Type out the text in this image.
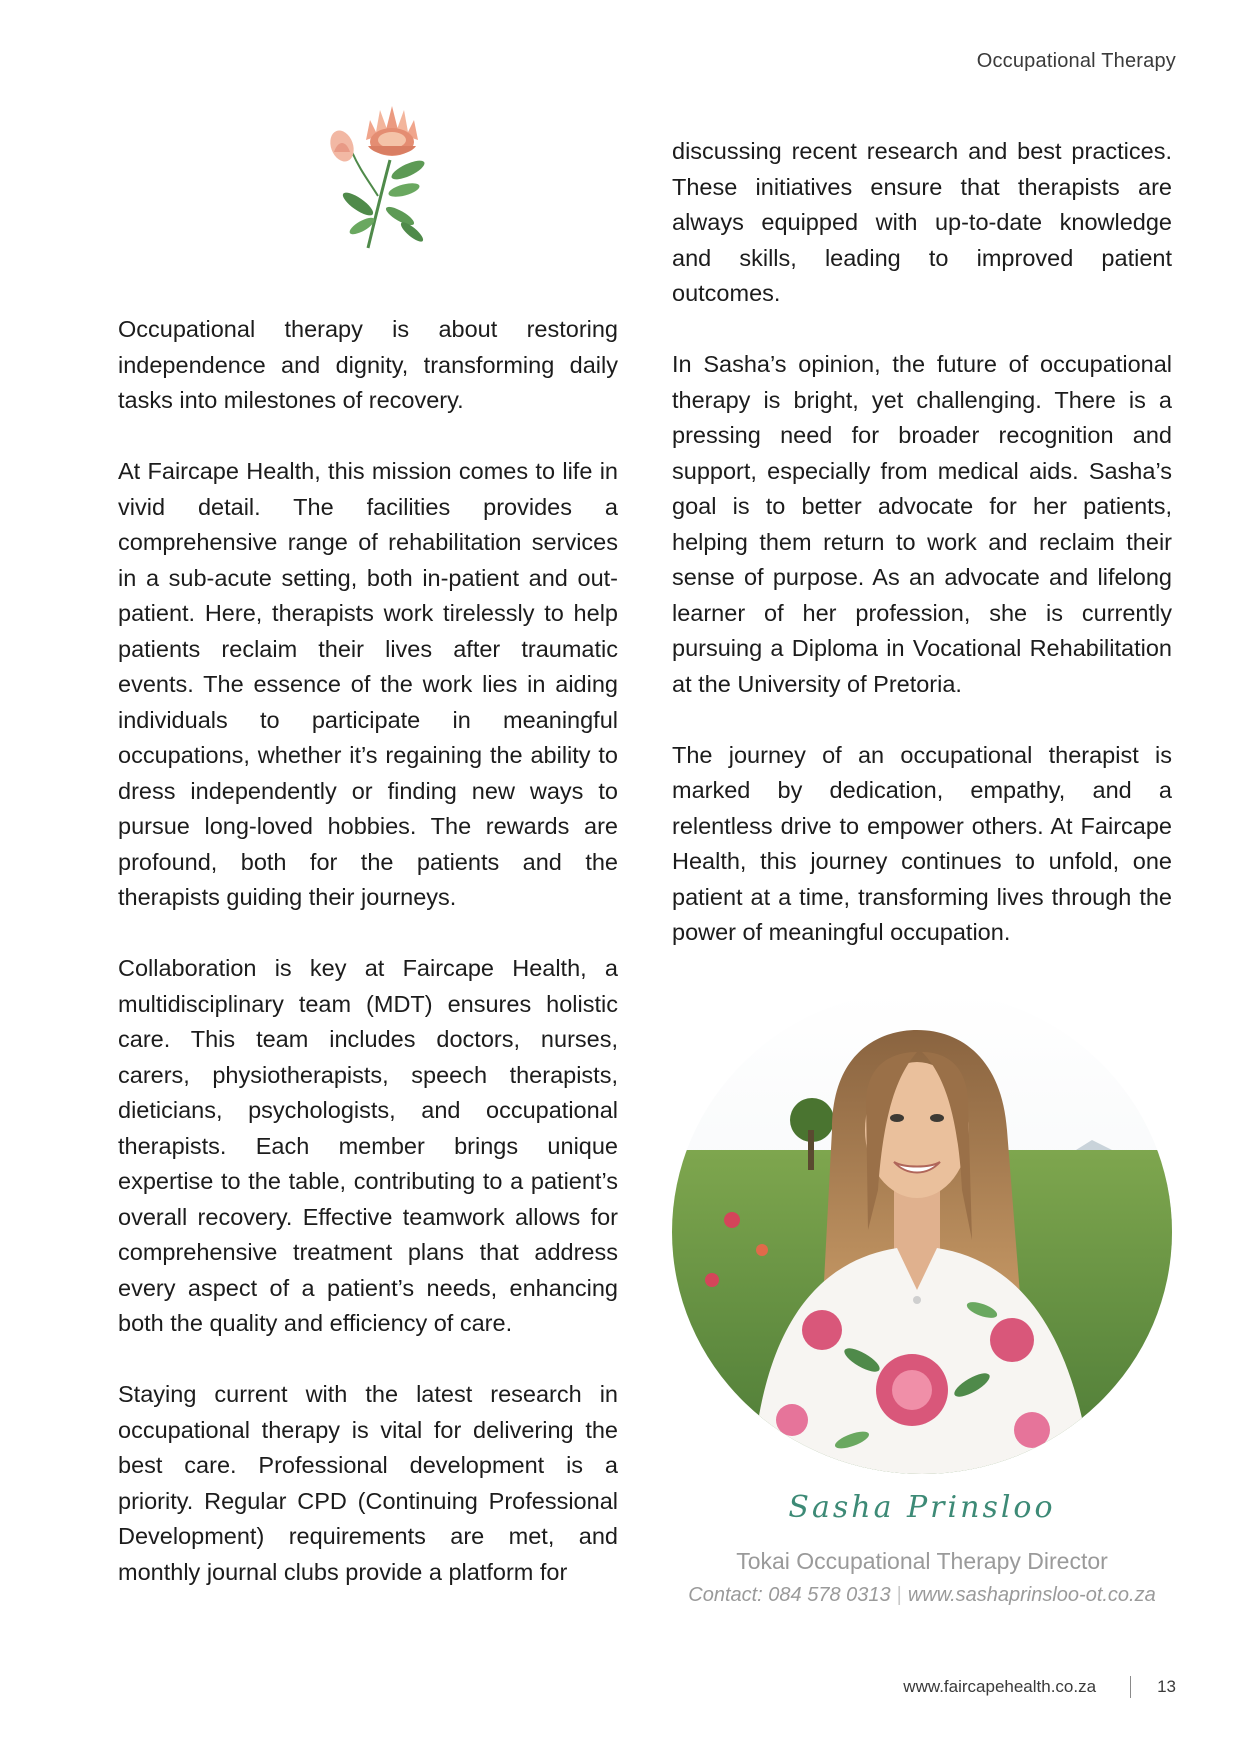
Occupational Therapy

Occupational therapy is about restoring independence and dignity, transforming daily tasks into milestones of recovery.

At Faircape Health, this mission comes to life in vivid detail. The facilities provides a comprehensive range of rehabilitation services in a sub-acute setting, both in-patient and out-patient. Here, therapists work tirelessly to help patients reclaim their lives after traumatic events. The essence of the work lies in aiding individuals to participate in meaningful occupations, whether it’s regaining the ability to dress independently or finding new ways to pursue long-loved hobbies. The rewards are profound, both for the patients and the therapists guiding their journeys.

Collaboration is key at Faircape Health, a multidisciplinary team (MDT) ensures holistic care. This team includes doctors, nurses, carers, physiotherapists, speech therapists, dieticians, psychologists, and occupational therapists. Each member brings unique expertise to the table, contributing to a patient’s overall recovery. Effective teamwork allows for comprehensive treatment plans that address every aspect of a patient’s needs, enhancing both the quality and efficiency of care.

Staying current with the latest research in occupational therapy is vital for delivering the best care. Professional development is a priority. Regular CPD (Continuing Professional Development) requirements are met, and monthly journal clubs provide a platform for

discussing recent research and best practices. These initiatives ensure that therapists are always equipped with up-to-date knowledge and skills, leading to improved patient outcomes.

In Sasha’s opinion, the future of occupational therapy is bright, yet challenging. There is a pressing need for broader recognition and support, especially from medical aids. Sasha’s goal is to better advocate for her patients, helping them return to work and reclaim their sense of purpose. As an advocate and lifelong learner of her profession, she is currently pursuing a Diploma in Vocational Rehabilitation at the University of Pretoria.

The journey of an occupational therapist is marked by dedication, empathy, and a relentless drive to empower others. At Faircape Health, this journey continues to unfold, one patient at a time, transforming lives through the power of meaningful occupation.

Sasha Prinsloo
Tokai Occupational Therapy Director
Contact: 084 578 0313 | www.sashaprinsloo-ot.co.za
www.faircapehealth.co.za	13
